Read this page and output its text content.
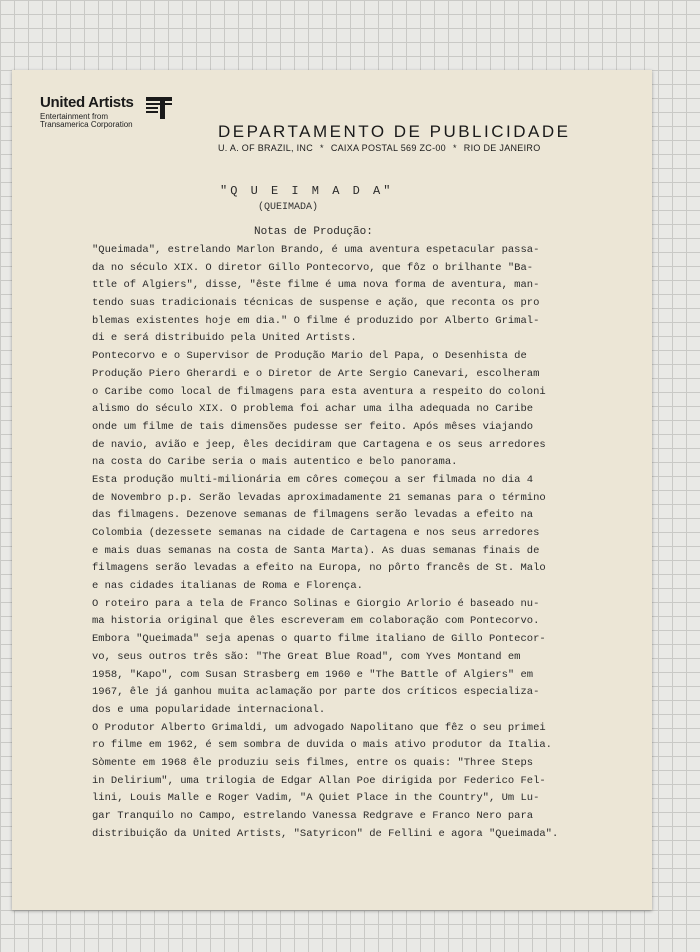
United Artists
Entertainment from
Transamerica Corporation	DEPARTAMENTO DE PUBLICIDADE
U. A. OF BRAZIL, INC * CAIXA POSTAL 569 ZC-00 * RIO DE JANEIRO
"Q U E I M A D A"
(QUEIMADA)
Notas de Produção:
"Queimada", estrelando Marlon Brando, é uma aventura espetacular passa-
da no século XIX. O diretor Gillo Pontecorvo, que fôz o brilhante "Ba-
ttle of Algiers", disse, "êste filme é uma nova forma de aventura, man-
tendo suas tradicionais técnicas de suspense e ação, que reconta os pro
blemas existentes hoje em dia." O filme é produzido por Alberto Grimal-
di e será distribuido pela United Artists.
Pontecorvo e o Supervisor de Produção Mario del Papa, o Desenhista de
Produção Piero Gherardi e o Diretor de Arte Sergio Canevari, escolheram
o Caribe como local de filmagens para esta aventura a respeito do coloni
alismo do século XIX. O problema foi achar uma ilha adequada no Caribe
onde um filme de tais dimensões pudesse ser feito. Após mêses viajando
de navio, avião e jeep, êles decidiram que Cartagena e os seus arredores
na costa do Caribe seria o mais autentico e belo panorama.
Esta produção multi-milionária em côres começou a ser filmada no dia 4
de Novembro p.p. Serão levadas aproximadamente 21 semanas para o término
das filmagens. Dezenove semanas de filmagens serão levadas a efeito na
Colombia (dezessete semanas na cidade de Cartagena e nos seus arredores
e mais duas semanas na costa de Santa Marta). As duas semanas finais de
filmagens serão levadas a efeito na Europa, no pôrto francês de St. Malo
e nas cidades italianas de Roma e Florença.
O roteiro para a tela de Franco Solinas e Giorgio Arlorio é baseado nu-
ma historia original que êles escreveram em colaboração com Pontecorvo.
Embora "Queimada" seja apenas o quarto filme italiano de Gillo Pontecor-
vo, seus outros três são: "The Great Blue Road", com Yves Montand em
1958, "Kapo", com Susan Strasberg em 1960 e "The Battle of Algiers" em
1967, êle já ganhou muita aclamação por parte dos críticos especializa-
dos e uma popularidade internacional.
O Produtor Alberto Grimaldi, um advogado Napolitano que fêz o seu primei
ro filme em 1962, é sem sombra de duvida o mais ativo produtor da Italia.
Sòmente em 1968 êle produziu seis filmes, entre os quais: "Three Steps
in Delirium", uma trilogia de Edgar Allan Poe dirigida por Federico Fel-
lini, Louis Malle e Roger Vadim, "A Quiet Place in the Country", Um Lu-
gar Tranquilo no Campo, estrelando Vanessa Redgrave e Franco Nero para
distribuição da United Artists, "Satyricon" de Fellini e agora "Queimada".
